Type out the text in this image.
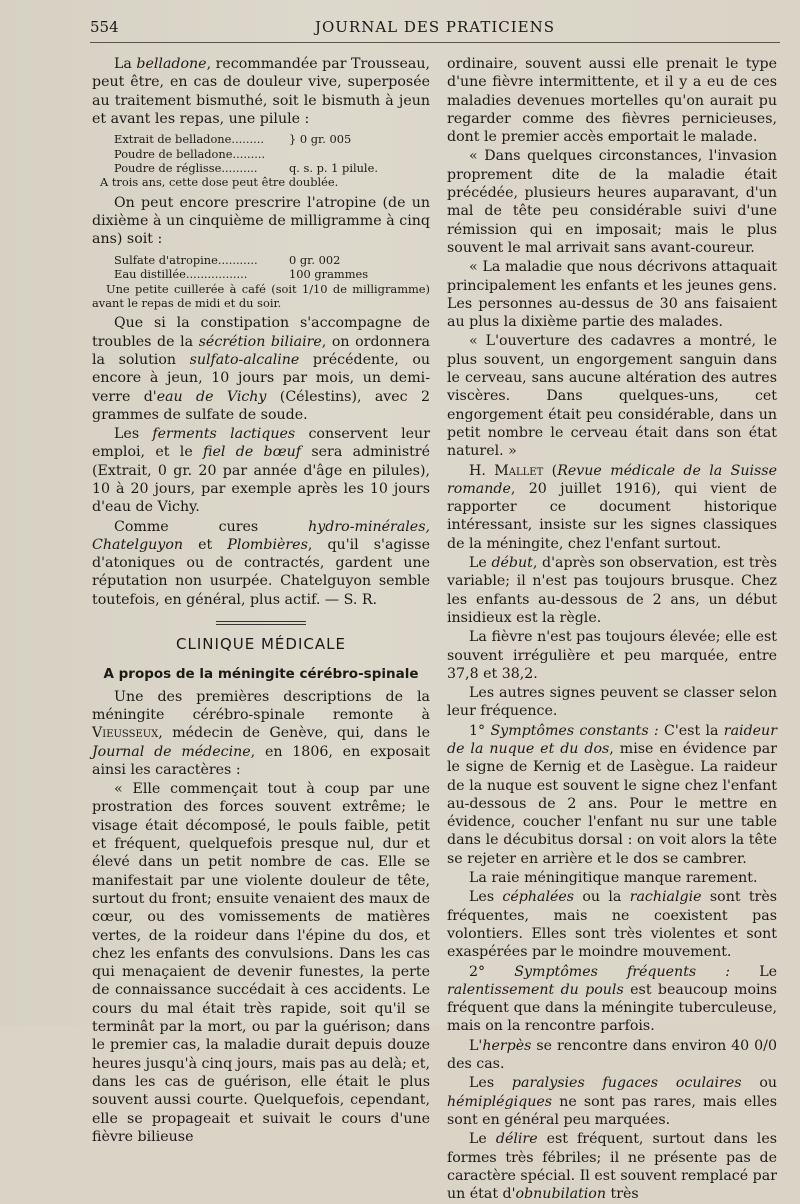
554	JOURNAL DES PRATICIENS

La belladone, recommandée par Trousseau, peut être, en cas de douleur vive, superposée au traitement bismuthé, soit le bismuth à jeun et avant les repas, une pilule :

Extrait de belladone.........	} 0 gr. 005
Poudre de belladone.........
Poudre de réglisse..........	q. s. p. 1 pilule.
A trois ans, cette dose peut être doublée.

On peut encore prescrire l'atropine (de un dixième à un cinquième de milligramme à cinq ans) soit :

Sulfate d'atropine...........	0 gr. 002
Eau distillée.................	100 grammes
Une petite cuillerée à café (soit 1/10 de milligramme) avant le repas de midi et du soir.

Que si la constipation s'accompagne de troubles de la sécrétion biliaire, on ordonnera la solution sulfato-alcaline précédente, ou encore à jeun, 10 jours par mois, un demi-verre d'eau de Vichy (Célestins), avec 2 grammes de sulfate de soude.

Les ferments lactiques conservent leur emploi, et le fiel de bœuf sera administré (Extrait, 0 gr. 20 par année d'âge en pilules), 10 à 20 jours, par exemple après les 10 jours d'eau de Vichy.

Comme cures hydro-minérales, Chatelguyon et Plombières, qu'il s'agisse d'atoniques ou de contractés, gardent une réputation non usurpée. Chatelguyon semble toutefois, en général, plus actif. — S. R.

CLINIQUE MÉDICALE
A propos de la méningite cérébro-spinale

Une des premières descriptions de la méningite cérébro-spinale remonte à Vieusseux, médecin de Genève, qui, dans le Journal de médecine, en 1806, en exposait ainsi les caractères :

« Elle commençait tout à coup par une prostration des forces souvent extrême; le visage était décomposé, le pouls faible, petit et fréquent, quelquefois presque nul, dur et élevé dans un petit nombre de cas. Elle se manifestait par une violente douleur de tête, surtout du front; ensuite venaient des maux de cœur, ou des vomissements de matières vertes, de la roideur dans l'épine du dos, et chez les enfants des convulsions. Dans les cas qui menaçaient de devenir funestes, la perte de connaissance succédait à ces accidents. Le cours du mal était très rapide, soit qu'il se terminât par la mort, ou par la guérison; dans le premier cas, la maladie durait depuis douze heures jusqu'à cinq jours, mais pas au delà; et, dans les cas de guérison, elle était le plus souvent aussi courte. Quelquefois, cependant, elle se propageait et suivait le cours d'une fièvre bilieuse

ordinaire, souvent aussi elle prenait le type d'une fièvre intermittente, et il y a eu de ces maladies devenues mortelles qu'on aurait pu regarder comme des fièvres pernicieuses, dont le premier accès emportait le malade.

« Dans quelques circonstances, l'invasion proprement dite de la maladie était précédée, plusieurs heures auparavant, d'un mal de tête peu considérable suivi d'une rémission qui en imposait; mais le plus souvent le mal arrivait sans avant-coureur.

« La maladie que nous décrivons attaquait principalement les enfants et les jeunes gens. Les personnes au-dessus de 30 ans faisaient au plus la dixième partie des malades.

« L'ouverture des cadavres a montré, le plus souvent, un engorgement sanguin dans le cerveau, sans aucune altération des autres viscères. Dans quelques-uns, cet engorgement était peu considérable, dans un petit nombre le cerveau était dans son état naturel. »

H. Mallet (Revue médicale de la Suisse romande, 20 juillet 1916), qui vient de rapporter ce document historique intéressant, insiste sur les signes classiques de la méningite, chez l'enfant surtout.

Le début, d'après son observation, est très variable; il n'est pas toujours brusque. Chez les enfants au-dessous de 2 ans, un début insidieux est la règle.

La fièvre n'est pas toujours élevée; elle est souvent irrégulière et peu marquée, entre 37,8 et 38,2.

Les autres signes peuvent se classer selon leur fréquence.

1° Symptômes constants : C'est la raideur de la nuque et du dos, mise en évidence par le signe de Kernig et de Lasègue. La raideur de la nuque est souvent le signe chez l'enfant au-dessous de 2 ans. Pour le mettre en évidence, coucher l'enfant nu sur une table dans le décubitus dorsal : on voit alors la tête se rejeter en arrière et le dos se cambrer.

La raie méningitique manque rarement.

Les céphalées ou la rachialgie sont très fréquentes, mais ne coexistent pas volontiers. Elles sont très violentes et sont exaspérées par le moindre mouvement.

2° Symptômes fréquents : Le ralentissement du pouls est beaucoup moins fréquent que dans la méningite tuberculeuse, mais on la rencontre parfois.

L'herpès se rencontre dans environ 40 0/0 des cas.

Les paralysies fugaces oculaires ou hémiplégiques ne sont pas rares, mais elles sont en général peu marquées.

Le délire est fréquent, surtout dans les formes très fébriles; il ne présente pas de caractère spécial. Il est souvent remplacé par un état d'obnubilation très
